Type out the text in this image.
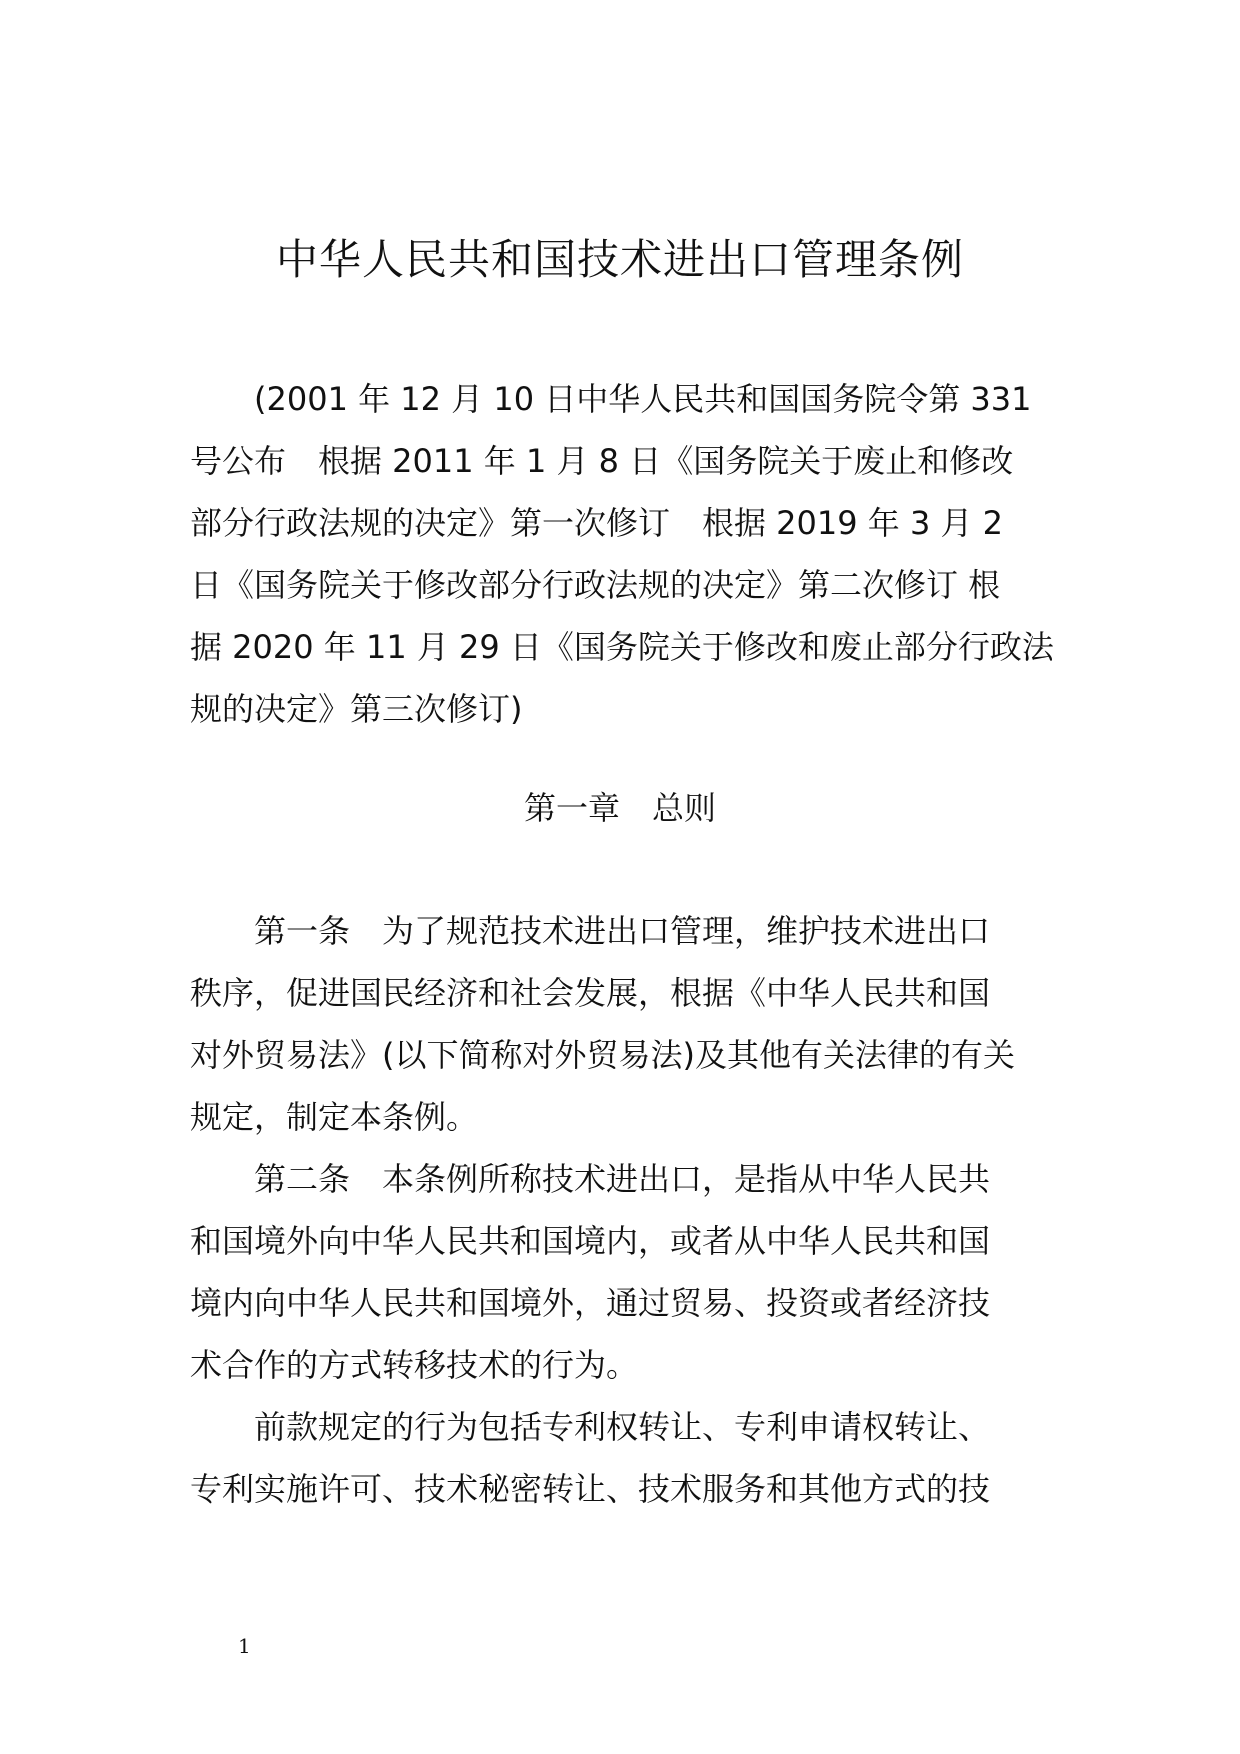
中华人民共和国技术进出口管理条例

(2001 年 12 月 10 日中华人民共和国国务院令第 331
号公布　根据 2011 年 1 月 8 日《国务院关于废止和修改
部分行政法规的决定》第一次修订　根据 2019 年 3 月 2
日《国务院关于修改部分行政法规的决定》第二次修订 根
据 2020 年 11 月 29 日《国务院关于修改和废止部分行政法
规的决定》第三次修订)

第一章　总则

第一条　为了规范技术进出口管理，维护技术进出口
秩序，促进国民经济和社会发展，根据《中华人民共和国
对外贸易法》(以下简称对外贸易法)及其他有关法律的有关
规定，制定本条例。

第二条　本条例所称技术进出口，是指从中华人民共
和国境外向中华人民共和国境内，或者从中华人民共和国
境内向中华人民共和国境外，通过贸易、投资或者经济技
术合作的方式转移技术的行为。

前款规定的行为包括专利权转让、专利申请权转让、
专利实施许可、技术秘密转让、技术服务和其他方式的技

1
